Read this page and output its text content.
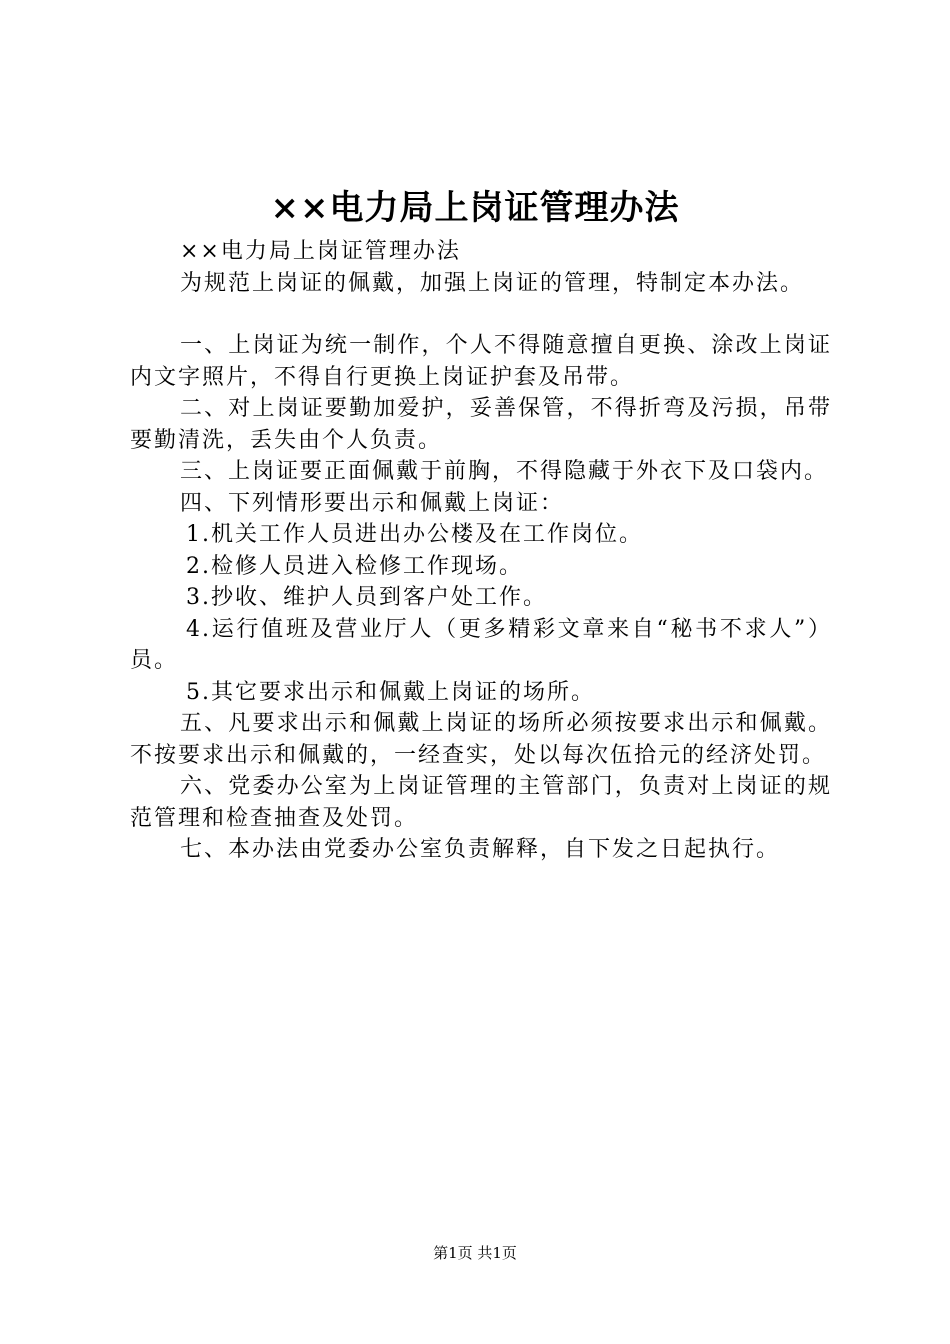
××电力局上岗证管理办法

××电力局上岗证管理办法

为规范上岗证的佩戴，加强上岗证的管理，特制定本办法。

一、上岗证为统一制作，个人不得随意擅自更换、涂改上岗证内文字照片，不得自行更换上岗证护套及吊带。

二、对上岗证要勤加爱护，妥善保管，不得折弯及污损，吊带要勤清洗，丢失由个人负责。

三、上岗证要正面佩戴于前胸，不得隐藏于外衣下及口袋内。

四、下列情形要出示和佩戴上岗证：

1.机关工作人员进出办公楼及在工作岗位。

2.检修人员进入检修工作现场。

3.抄收、维护人员到客户处工作。

4.运行值班及营业厅人（更多精彩文章来自“秘书不求人”）员。

5.其它要求出示和佩戴上岗证的场所。

五、凡要求出示和佩戴上岗证的场所必须按要求出示和佩戴。不按要求出示和佩戴的，一经查实，处以每次伍拾元的经济处罚。

六、党委办公室为上岗证管理的主管部门，负责对上岗证的规范管理和检查抽查及处罚。

七、本办法由党委办公室负责解释，自下发之日起执行。

第1页 共1页
